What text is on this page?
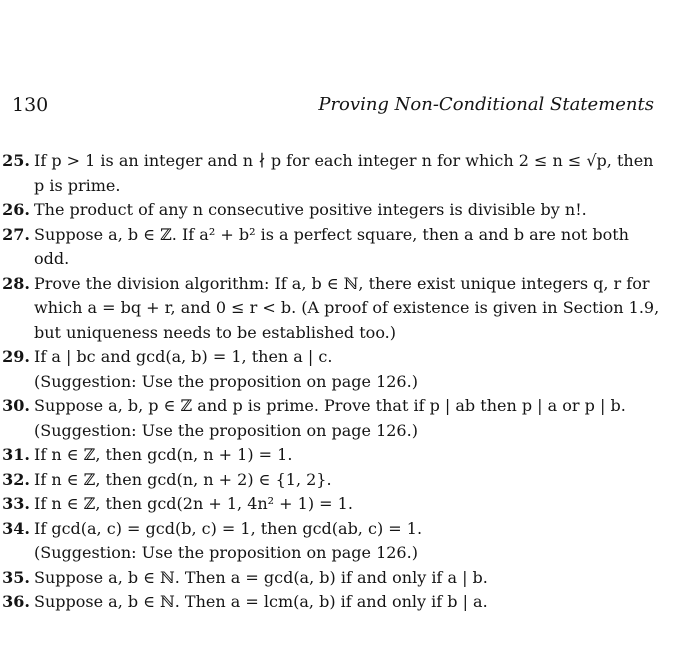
130	Proving Non-Conditional Statements
25. If p > 1 is an integer and n ∤ p for each integer n for which 2 ≤ n ≤ √p, then p is prime.
26. The product of any n consecutive positive integers is divisible by n!.
27. Suppose a, b ∈ ℤ. If a² + b² is a perfect square, then a and b are not both odd.
28. Prove the division algorithm: If a, b ∈ ℕ, there exist unique integers q, r for which a = bq + r, and 0 ≤ r < b. (A proof of existence is given in Section 1.9, but uniqueness needs to be established too.)
29. If a | bc and gcd(a, b) = 1, then a | c.
(Suggestion: Use the proposition on page 126.)
30. Suppose a, b, p ∈ ℤ and p is prime. Prove that if p | ab then p | a or p | b.
(Suggestion: Use the proposition on page 126.)
31. If n ∈ ℤ, then gcd(n, n + 1) = 1.
32. If n ∈ ℤ, then gcd(n, n + 2) ∈ {1, 2}.
33. If n ∈ ℤ, then gcd(2n + 1, 4n² + 1) = 1.
34. If gcd(a, c) = gcd(b, c) = 1, then gcd(ab, c) = 1.
(Suggestion: Use the proposition on page 126.)
35. Suppose a, b ∈ ℕ. Then a = gcd(a, b) if and only if a | b.
36. Suppose a, b ∈ ℕ. Then a = lcm(a, b) if and only if b | a.
